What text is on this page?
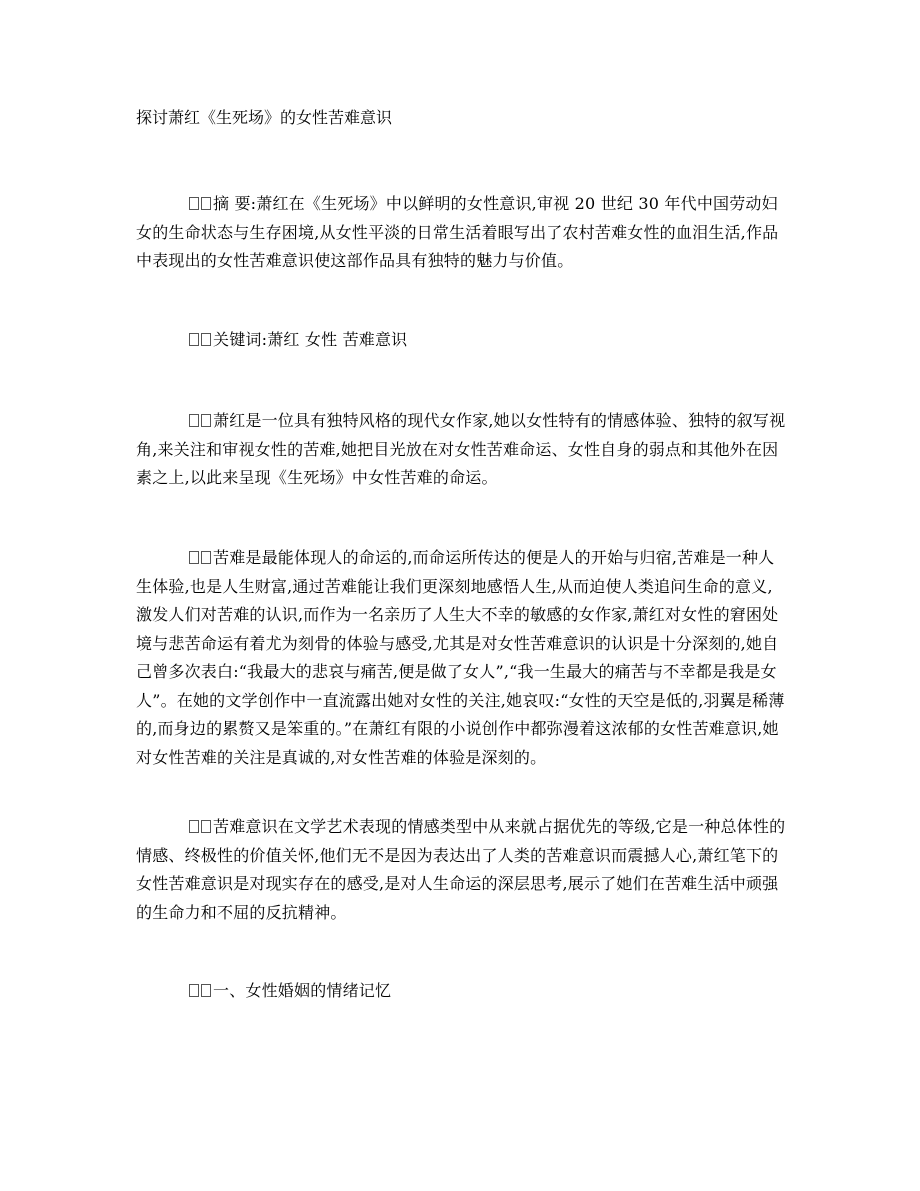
探讨萧红《生死场》的女性苦难意识

摘 要:萧红在《生死场》中以鲜明的女性意识,审视 20 世纪 30 年代中国劳动妇女的生命状态与生存困境,从女性平淡的日常生活着眼写出了农村苦难女性的血泪生活,作品中表现出的女性苦难意识使这部作品具有独特的魅力与价值。

关键词:萧红 女性 苦难意识

萧红是一位具有独特风格的现代女作家,她以女性特有的情感体验、独特的叙写视角,来关注和审视女性的苦难,她把目光放在对女性苦难命运、女性自身的弱点和其他外在因素之上,以此来呈现《生死场》中女性苦难的命运。

苦难是最能体现人的命运的,而命运所传达的便是人的开始与归宿,苦难是一种人生体验,也是人生财富,通过苦难能让我们更深刻地感悟人生,从而迫使人类追问生命的意义,激发人们对苦难的认识,而作为一名亲历了人生大不幸的敏感的女作家,萧红对女性的窘困处境与悲苦命运有着尤为刻骨的体验与感受,尤其是对女性苦难意识的认识是十分深刻的,她自己曾多次表白:“我最大的悲哀与痛苦,便是做了女人”,“我一生最大的痛苦与不幸都是我是女人”。在她的文学创作中一直流露出她对女性的关注,她哀叹:“女性的天空是低的,羽翼是稀薄的,而身边的累赘又是笨重的。”在萧红有限的小说创作中都弥漫着这浓郁的女性苦难意识,她对女性苦难的关注是真诚的,对女性苦难的体验是深刻的。

苦难意识在文学艺术表现的情感类型中从来就占据优先的等级,它是一种总体性的情感、终极性的价值关怀,他们无不是因为表达出了人类的苦难意识而震撼人心,萧红笔下的女性苦难意识是对现实存在的感受,是对人生命运的深层思考,展示了她们在苦难生活中顽强的生命力和不屈的反抗精神。

一、女性婚姻的情绪记忆
